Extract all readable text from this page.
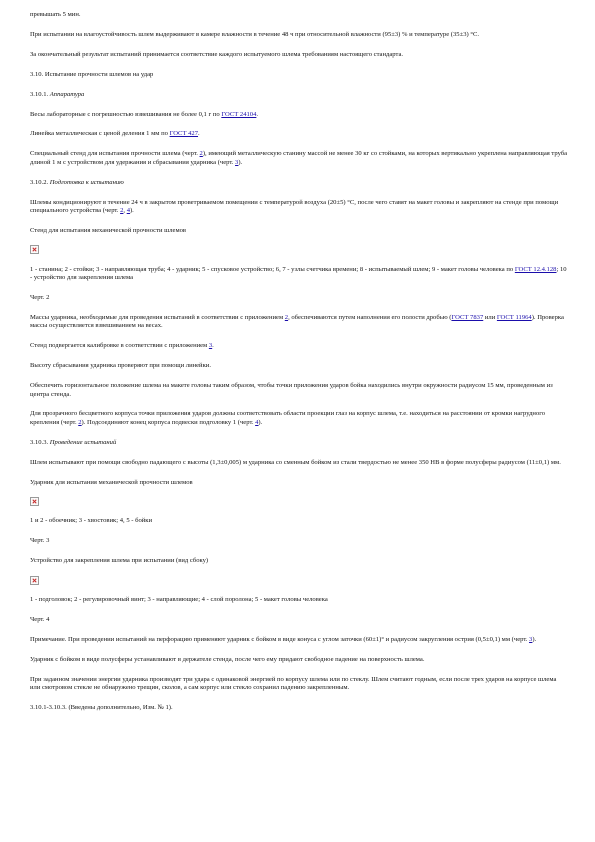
превышать 5 мин.

При испытании на влагоустойчивость шлем выдерживают в камере влажности в течение 48 ч при относительной влажности (95±3) % и температуре (35±3) °С.

За окончательный результат испытаний принимается соответствие каждого испытуемого шлема требованиям настоящего стандарта.

3.10. Испытание прочности шлемов на удар

3.10.1. Аппаратура

Весы лабораторные с погрешностью взвешивания не более 0,1 г по ГОСТ 24104.

Линейка металлическая с ценой деления 1 мм по ГОСТ 427.

Специальный стенд для испытания прочности шлема (черт. 2), имеющий металлическую станину массой не менее 30 кг со стойками, на которых вертикально укреплена направляющая труба длиной 1 м с устройством для удержания и сбрасывания ударника (черт. 3).

3.10.2. Подготовка к испытанию

Шлемы кондиционируют в течение 24 ч в закрытом проветриваемом помещении с температурой воздуха (20±5) °С, после чего ставят на макет головы и закрепляют на стенде при помощи специального устройства (черт. 2, 4).

Стенд для испытания механической прочности шлемов

1 - станина; 2 - стойки; 3 - направляющая труба; 4 - ударник; 5 - спусковое устройство; 6, 7 - узлы счетчика времени; 8 - испытываемый шлем; 9 - макет головы человека по ГОСТ 12.4.128; 10 - устройство для закрепления шлема

Черт. 2

Массы ударника, необходимые для проведения испытаний в соответствии с приложением 2, обеспечиваются путем наполнения его полости дробью (ГОСТ 7837 или ГОСТ 11964). Проверка массы осуществляется взвешиванием на весах.

Стенд подвергается калибровке в соответствии с приложением 3.

Высоту сбрасывания ударника проверяют при помощи линейки.

Обеспечить горизонтальное положение шлема на макете головы таким образом, чтобы точки приложения ударов бойка находились внутри окружности радиусом 15 мм, проведенным из центра стенда.

Для прозрачного бесцветного корпуса точки приложения ударов должны соответствовать области проекции глаз на корпус шлема, т.е. находиться на расстоянии от кромки нагрудного крепления (черт. 2). Подсоединяют конец корпуса подвески подголовку 1 (черт. 4).

3.10.3. Проведение испытаний

Шлем испытывают при помощи свободно падающего с высоты (1,3±0,005) м ударника со сменным бойком из стали твердостью не менее 350 НВ в форме полусферы радиусом (11±0,1) мм.

Ударник для испытания механической прочности шлемов

1 и 2 - обоечник; 3 - хвостовик; 4, 5 - бойки

Черт. 3

Устройство для закрепления шлема при испытании (вид сбоку)

1 - подголовок; 2 - регулировочный винт; 3 - направляющие; 4 - слой поролона; 5 - макет головы человека

Черт. 4

Примечание. При проведении испытаний на перфорацию применяют ударник с бойком в виде конуса с углом заточки (60±1)° и радиусом закругления острия (0,5±0,1) мм (черт. 3).

Ударник с бойком в виде полусферы устанавливают в держателе стенда, после чего ему придают свободное падение на поверхность шлема.

При заданном значении энергии ударника производят три удара с одинаковой энергией по корпусу шлема или по стеклу. Шлем считают годным, если после трех ударов на корпусе шлема или смотровом стекле не обнаружено трещин, сколов, а сам корпус или стекло сохранил падению закрепленным.

3.10.1-3.10.3. (Введены дополнительно, Изм. № 1).
